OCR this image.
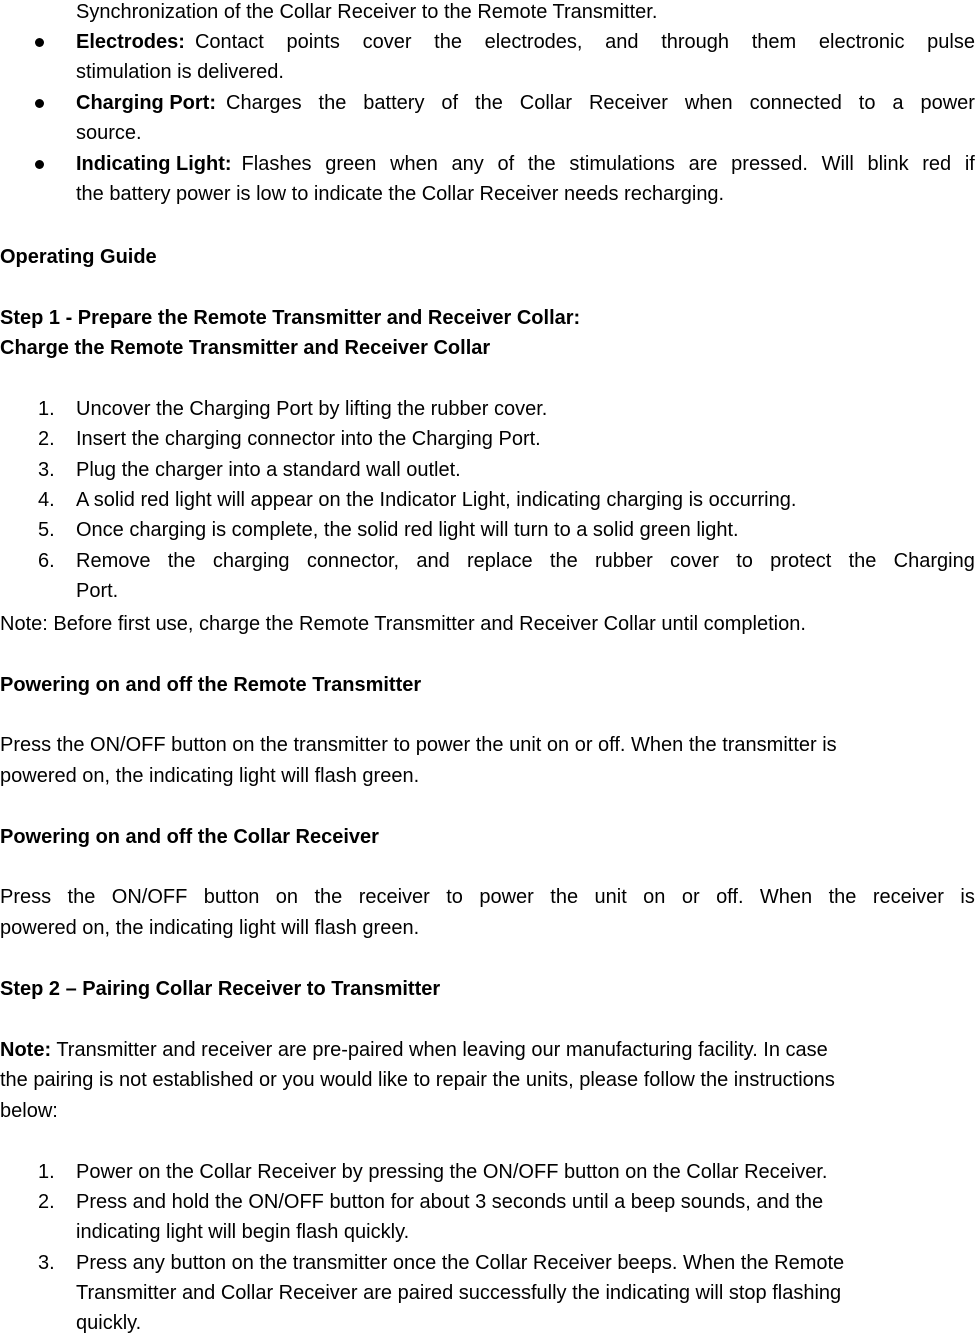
Synchronization of the Collar Receiver to the Remote Transmitter.
Electrodes: Contact points cover the electrodes, and through them electronic pulse
stimulation is delivered.
Charging Port: Charges the battery of the Collar Receiver when connected to a power
source.
Indicating Light: Flashes green when any of the stimulations are pressed. Will blink red if
the battery power is low to indicate the Collar Receiver needs recharging.
Operating Guide
Step 1 - Prepare the Remote Transmitter and Receiver Collar:
Charge the Remote Transmitter and Receiver Collar
1. Uncover the Charging Port by lifting the rubber cover.
2. Insert the charging connector into the Charging Port.
3. Plug the charger into a standard wall outlet.
4. A solid red light will appear on the Indicator Light, indicating charging is occurring.
5. Once charging is complete, the solid red light will turn to a solid green light.
6. Remove the charging connector, and replace the rubber cover to protect the Charging
Port.
Note: Before first use, charge the Remote Transmitter and Receiver Collar until completion.
Powering on and off the Remote Transmitter
Press the ON/OFF button on the transmitter to power the unit on or off. When the transmitter is
powered on, the indicating light will flash green.
Powering on and off the Collar Receiver
Press the ON/OFF button on the receiver to power the unit on or off. When the receiver is
powered on, the indicating light will flash green.
Step 2 – Pairing Collar Receiver to Transmitter
Note: Transmitter and receiver are pre-paired when leaving our manufacturing facility. In case
the pairing is not established or you would like to repair the units, please follow the instructions
below:
1. Power on the Collar Receiver by pressing the ON/OFF button on the Collar Receiver.
2. Press and hold the ON/OFF button for about 3 seconds until a beep sounds, and the
indicating light will begin flash quickly.
3. Press any button on the transmitter once the Collar Receiver beeps. When the Remote
Transmitter and Collar Receiver are paired successfully the indicating will stop flashing
quickly.
